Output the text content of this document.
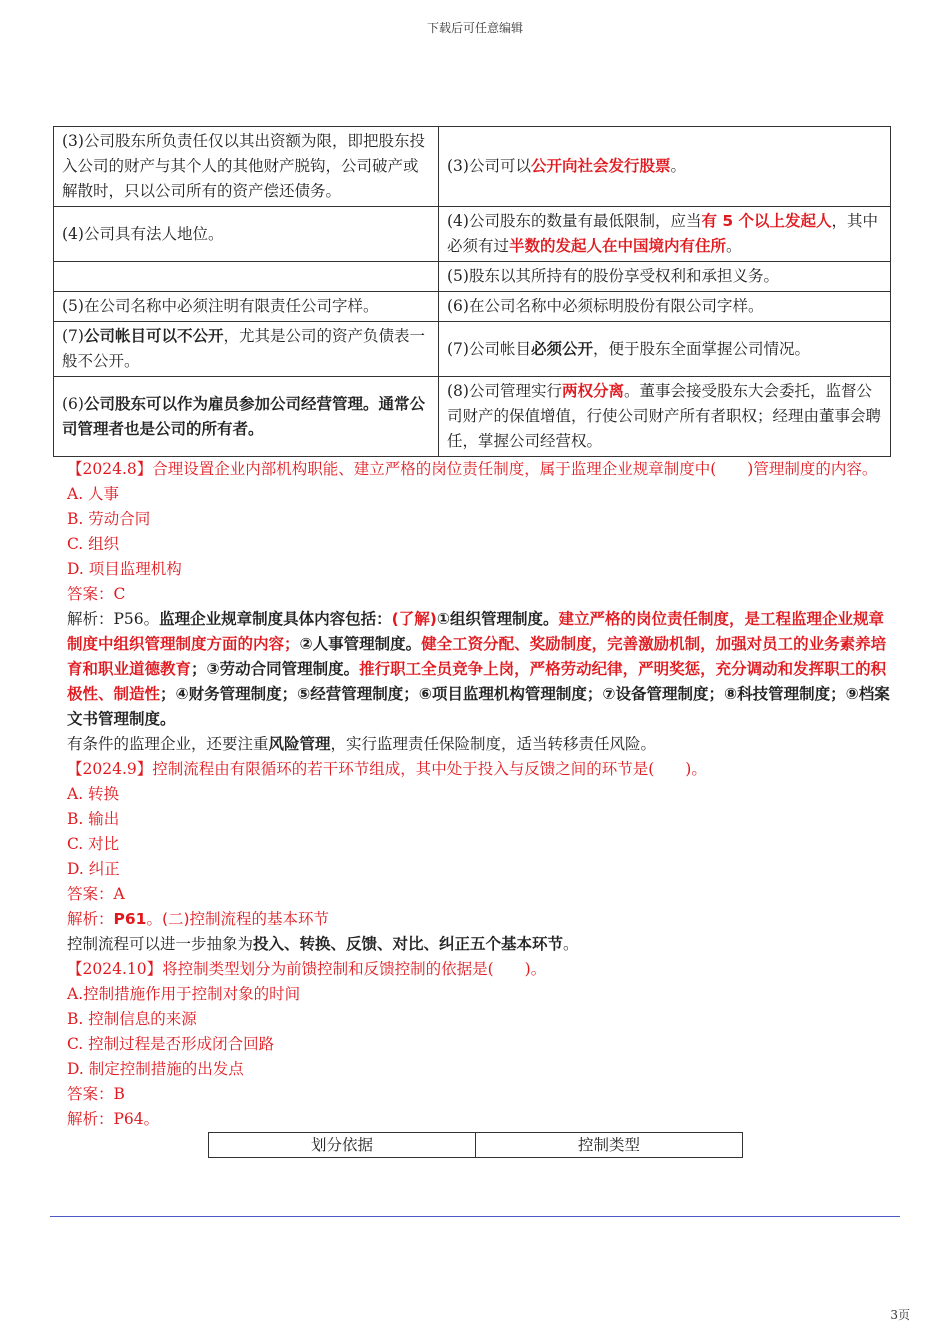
下载后可任意编辑
(3)公司股东所负责任仅以其出资额为限，即把股东投入公司的财产与其个人的其他财产脱钩，公司破产或解散时，只以公司所有的资产偿还债务。	(3)公司可以公开向社会发行股票。
(4)公司具有法人地位。	(4)公司股东的数量有最低限制，应当有 5 个以上发起人，其中必须有过半数的发起人在中国境内有住所。
	(5)股东以其所持有的股份享受权利和承担义务。
(5)在公司名称中必须注明有限责任公司字样。	(6)在公司名称中必须标明股份有限公司字样。
(7)公司帐目可以不公开，尤其是公司的资产负债表一般不公开。	(7)公司帐目必须公开，便于股东全面掌握公司情况。
(6)公司股东可以作为雇员参加公司经营管理。通常公司管理者也是公司的所有者。	(8)公司管理实行两权分离。董事会接受股东大会委托，监督公司财产的保值增值，行使公司财产所有者职权；经理由董事会聘任，掌握公司经营权。
【2024.8】合理设置企业内部机构职能、建立严格的岗位责任制度，属于监理企业规章制度中(　　)管理制度的内容。
A. 人事
B. 劳动合同
C. 组织
D. 项目监理机构
答案：C
解析：P56。监理企业规章制度具体内容包括：(了解)①组织管理制度。建立严格的岗位责任制度，是工程监理企业规章制度中组织管理制度方面的内容；②人事管理制度。健全工资分配、奖励制度，完善激励机制，加强对员工的业务素养培育和职业道德教育；③劳动合同管理制度。推行职工全员竞争上岗，严格劳动纪律，严明奖惩，充分调动和发挥职工的积极性、制造性；④财务管理制度；⑤经营管理制度；⑥项目监理机构管理制度；⑦设备管理制度；⑧科技管理制度；⑨档案文书管理制度。
有条件的监理企业，还要注重风险管理，实行监理责任保险制度，适当转移责任风险。
【2024.9】控制流程由有限循环的若干环节组成，其中处于投入与反馈之间的环节是(　　)。
A. 转换
B. 输出
C. 对比
D. 纠正
答案：A
解析：P61。(二)控制流程的基本环节
控制流程可以进一步抽象为投入、转换、反馈、对比、纠正五个基本环节。
【2024.10】将控制类型划分为前馈控制和反馈控制的依据是(　　)。
A.控制措施作用于控制对象的时间
B. 控制信息的来源
C. 控制过程是否形成闭合回路
D. 制定控制措施的出发点
答案：B
解析：P64。
划分依据	控制类型
3页
